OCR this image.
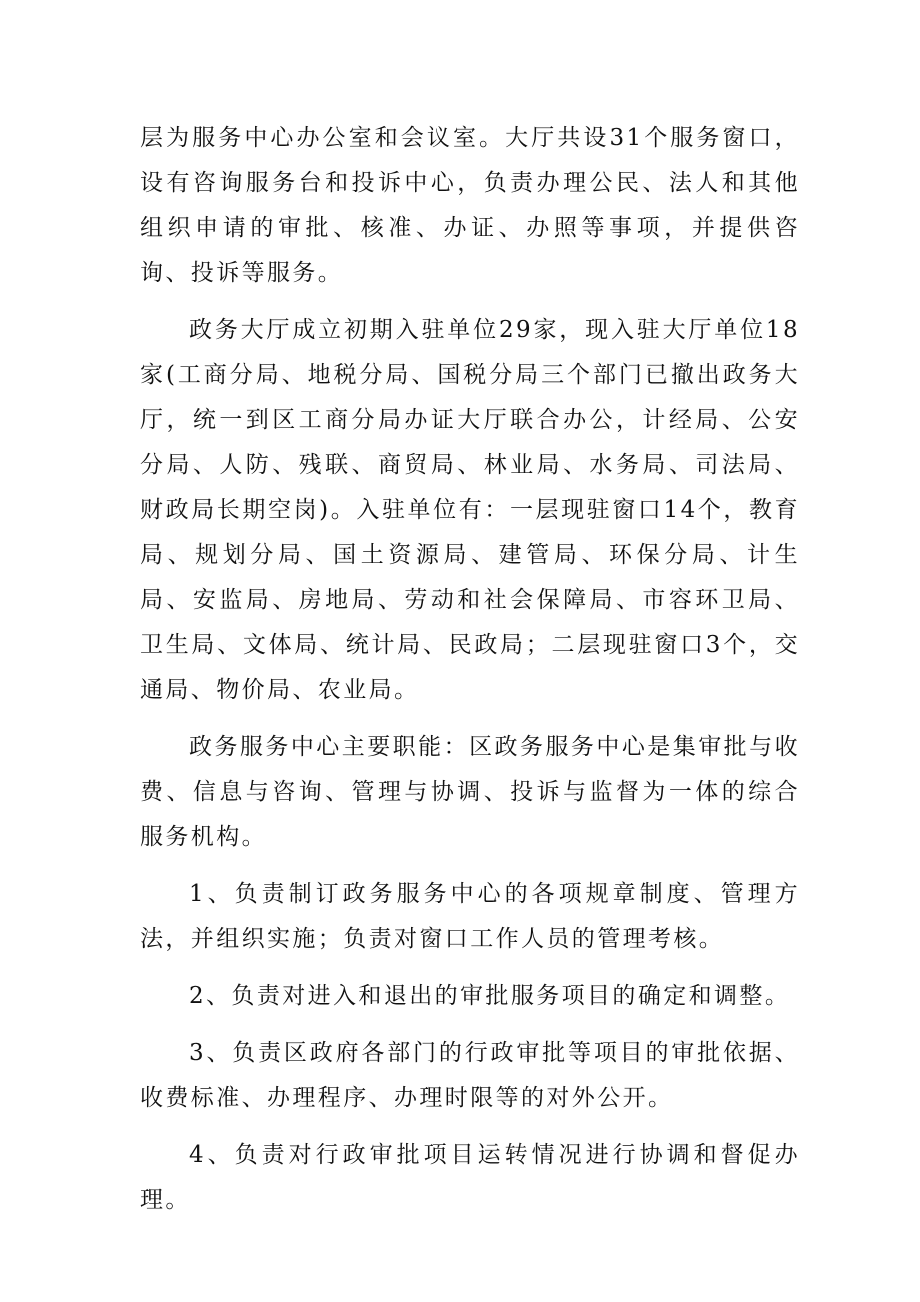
层为服务中心办公室和会议室。大厅共设31个服务窗口，设有咨询服务台和投诉中心，负责办理公民、法人和其他组织申请的审批、核准、办证、办照等事项，并提供咨询、投诉等服务。

政务大厅成立初期入驻单位29家，现入驻大厅单位18家(工商分局、地税分局、国税分局三个部门已撤出政务大厅，统一到区工商分局办证大厅联合办公，计经局、公安分局、人防、残联、商贸局、林业局、水务局、司法局、财政局长期空岗)。入驻单位有：一层现驻窗口14个，教育局、规划分局、国土资源局、建管局、环保分局、计生局、安监局、房地局、劳动和社会保障局、市容环卫局、卫生局、文体局、统计局、民政局；二层现驻窗口3个，交通局、物价局、农业局。

政务服务中心主要职能：区政务服务中心是集审批与收费、信息与咨询、管理与协调、投诉与监督为一体的综合服务机构。

1、负责制订政务服务中心的各项规章制度、管理方法，并组织实施；负责对窗口工作人员的管理考核。

2、负责对进入和退出的审批服务项目的确定和调整。

3、负责区政府各部门的行政审批等项目的审批依据、收费标准、办理程序、办理时限等的对外公开。

4、负责对行政审批项目运转情况进行协调和督促办理。
